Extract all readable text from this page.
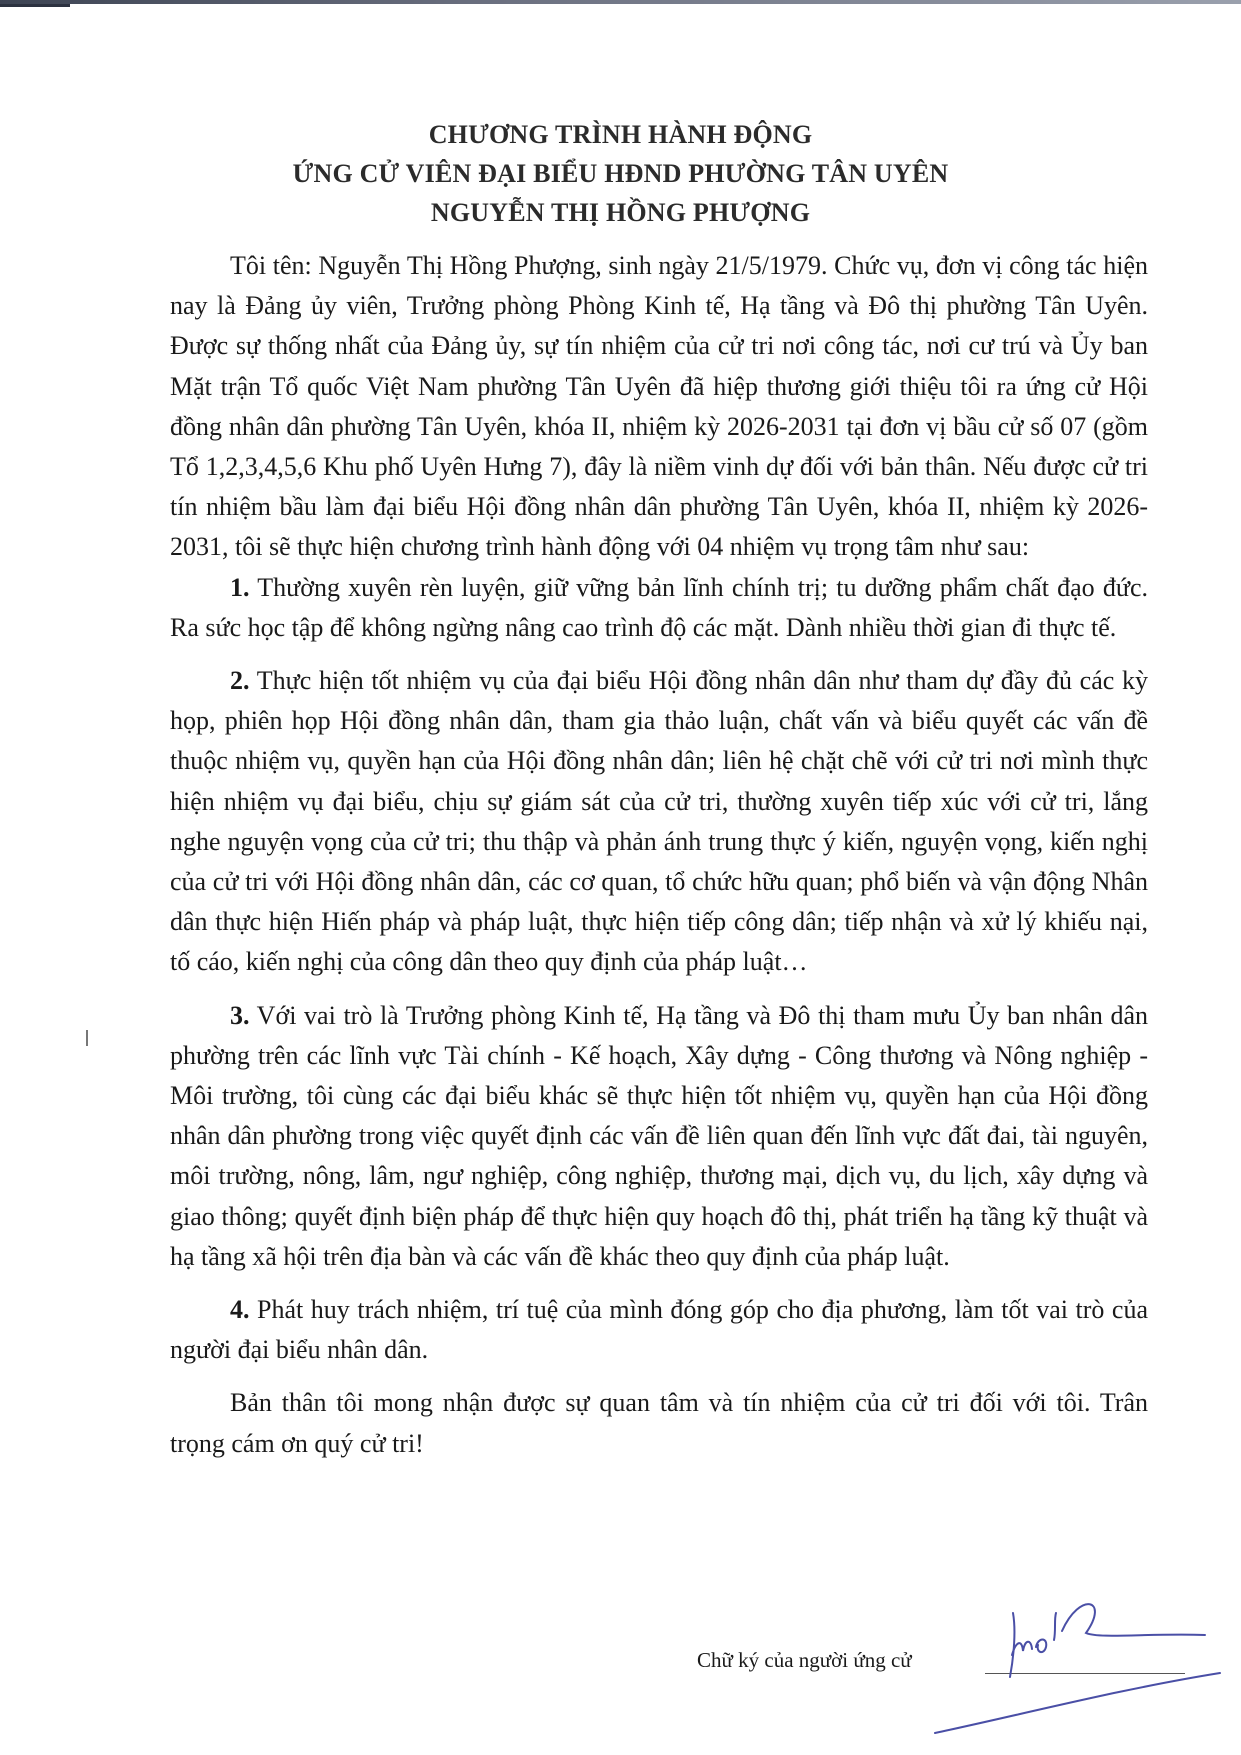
CHƯƠNG TRÌNH HÀNH ĐỘNG
ỨNG CỬ VIÊN ĐẠI BIỂU HĐND PHƯỜNG TÂN UYÊN
NGUYỄN THỊ HỒNG PHƯỢNG

Tôi tên: Nguyễn Thị Hồng Phượng, sinh ngày 21/5/1979. Chức vụ, đơn vị công tác hiện nay là Đảng ủy viên, Trưởng phòng Phòng Kinh tế, Hạ tầng và Đô thị phường Tân Uyên. Được sự thống nhất của Đảng ủy, sự tín nhiệm của cử tri nơi công tác, nơi cư trú và Ủy ban Mặt trận Tổ quốc Việt Nam phường Tân Uyên đã hiệp thương giới thiệu tôi ra ứng cử Hội đồng nhân dân phường Tân Uyên, khóa II, nhiệm kỳ 2026-2031 tại đơn vị bầu cử số 07 (gồm Tổ 1,2,3,4,5,6 Khu phố Uyên Hưng 7), đây là niềm vinh dự đối với bản thân. Nếu được cử tri tín nhiệm bầu làm đại biểu Hội đồng nhân dân phường Tân Uyên, khóa II, nhiệm kỳ 2026-2031, tôi sẽ thực hiện chương trình hành động với 04 nhiệm vụ trọng tâm như sau:

1. Thường xuyên rèn luyện, giữ vững bản lĩnh chính trị; tu dưỡng phẩm chất đạo đức. Ra sức học tập để không ngừng nâng cao trình độ các mặt. Dành nhiều thời gian đi thực tế.

2. Thực hiện tốt nhiệm vụ của đại biểu Hội đồng nhân dân như tham dự đầy đủ các kỳ họp, phiên họp Hội đồng nhân dân, tham gia thảo luận, chất vấn và biểu quyết các vấn đề thuộc nhiệm vụ, quyền hạn của Hội đồng nhân dân; liên hệ chặt chẽ với cử tri nơi mình thực hiện nhiệm vụ đại biểu, chịu sự giám sát của cử tri, thường xuyên tiếp xúc với cử tri, lắng nghe nguyện vọng của cử tri; thu thập và phản ánh trung thực ý kiến, nguyện vọng, kiến nghị của cử tri với Hội đồng nhân dân, các cơ quan, tổ chức hữu quan; phổ biến và vận động Nhân dân thực hiện Hiến pháp và pháp luật, thực hiện tiếp công dân; tiếp nhận và xử lý khiếu nại, tố cáo, kiến nghị của công dân theo quy định của pháp luật…

3. Với vai trò là Trưởng phòng Kinh tế, Hạ tầng và Đô thị tham mưu Ủy ban nhân dân phường trên các lĩnh vực Tài chính - Kế hoạch, Xây dựng - Công thương và Nông nghiệp - Môi trường, tôi cùng các đại biểu khác sẽ thực hiện tốt nhiệm vụ, quyền hạn của Hội đồng nhân dân phường trong việc quyết định các vấn đề liên quan đến lĩnh vực đất đai, tài nguyên, môi trường, nông, lâm, ngư nghiệp, công nghiệp, thương mại, dịch vụ, du lịch, xây dựng và giao thông; quyết định biện pháp để thực hiện quy hoạch đô thị, phát triển hạ tầng kỹ thuật và hạ tầng xã hội trên địa bàn và các vấn đề khác theo quy định của pháp luật.

4. Phát huy trách nhiệm, trí tuệ của mình đóng góp cho địa phương, làm tốt vai trò của người đại biểu nhân dân.

Bản thân tôi mong nhận được sự quan tâm và tín nhiệm của cử tri đối với tôi. Trân trọng cám ơn quý cử tri!

Chữ ký của người ứng cử
